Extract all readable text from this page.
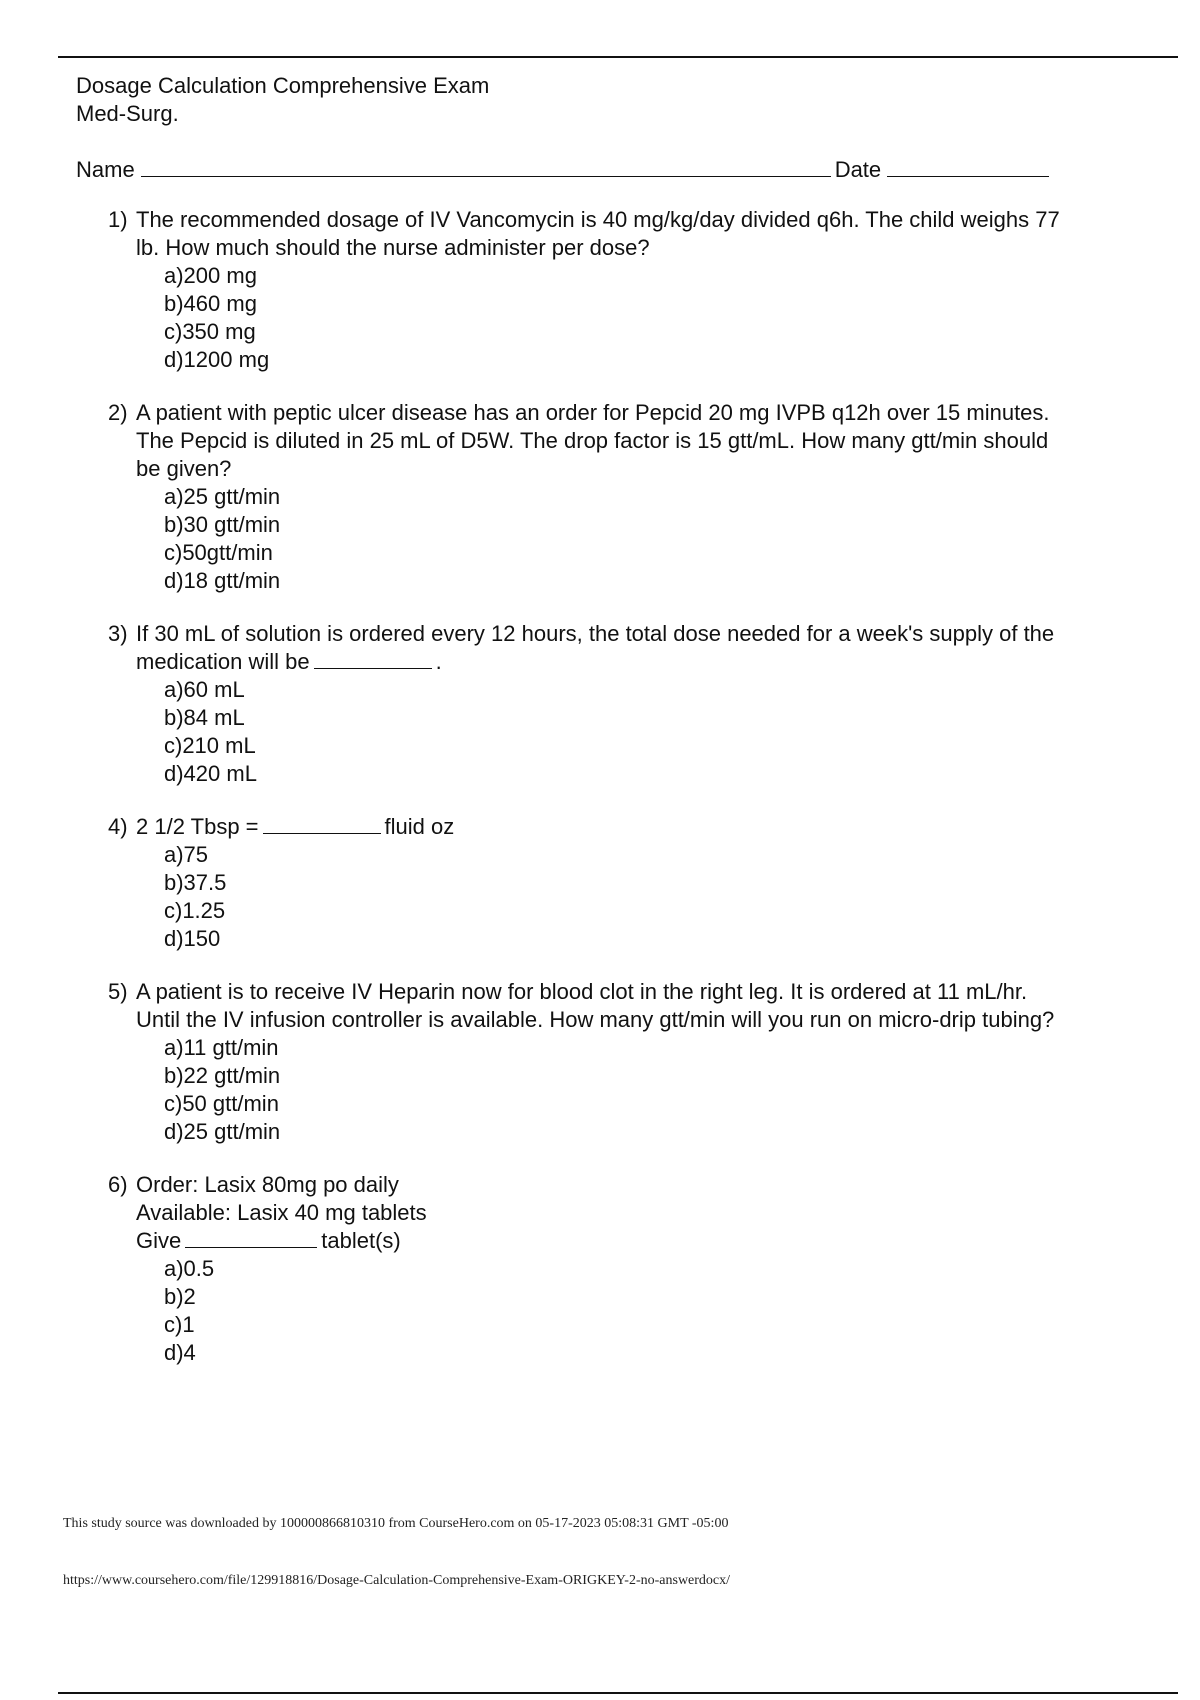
Dosage Calculation Comprehensive Exam
Med-Surg.
Name	Date
1) The recommended dosage of IV Vancomycin is 40 mg/kg/day divided q6h. The child weighs 77
lb. How much should the nurse administer per dose?
a)200 mg
b)460 mg
c)350 mg
d)1200 mg
2) A patient with peptic ulcer disease has an order for Pepcid 20 mg IVPB q12h over 15 minutes.
The Pepcid is diluted in 25 mL of D5W. The drop factor is 15 gtt/mL. How many gtt/min should
be given?
a)25 gtt/min
b)30 gtt/min
c)50gtt/min
d)18 gtt/min
3) If 30 mL of solution is ordered every 12 hours, the total dose needed for a week's supply of the
medication will be	.
a)60 mL
b)84 mL
c)210 mL
d)420 mL
4) 2 1/2 Tbsp =	fluid oz
a)75
b)37.5
c)1.25
d)150
5) A patient is to receive IV Heparin now for blood clot in the right leg. It is ordered at 11 mL/hr.
Until the IV infusion controller is available. How many gtt/min will you run on micro-drip tubing?
a)11 gtt/min
b)22 gtt/min
c)50 gtt/min
d)25 gtt/min
6) Order: Lasix 80mg po daily
Available: Lasix 40 mg tablets
Give	tablet(s)
a)0.5
b)2
c)1
d)4
This study source was downloaded by 100000866810310 from CourseHero.com on 05-17-2023 05:08:31 GMT -05:00
https://www.coursehero.com/file/129918816/Dosage-Calculation-Comprehensive-Exam-ORIGKEY-2-no-answerdocx/
